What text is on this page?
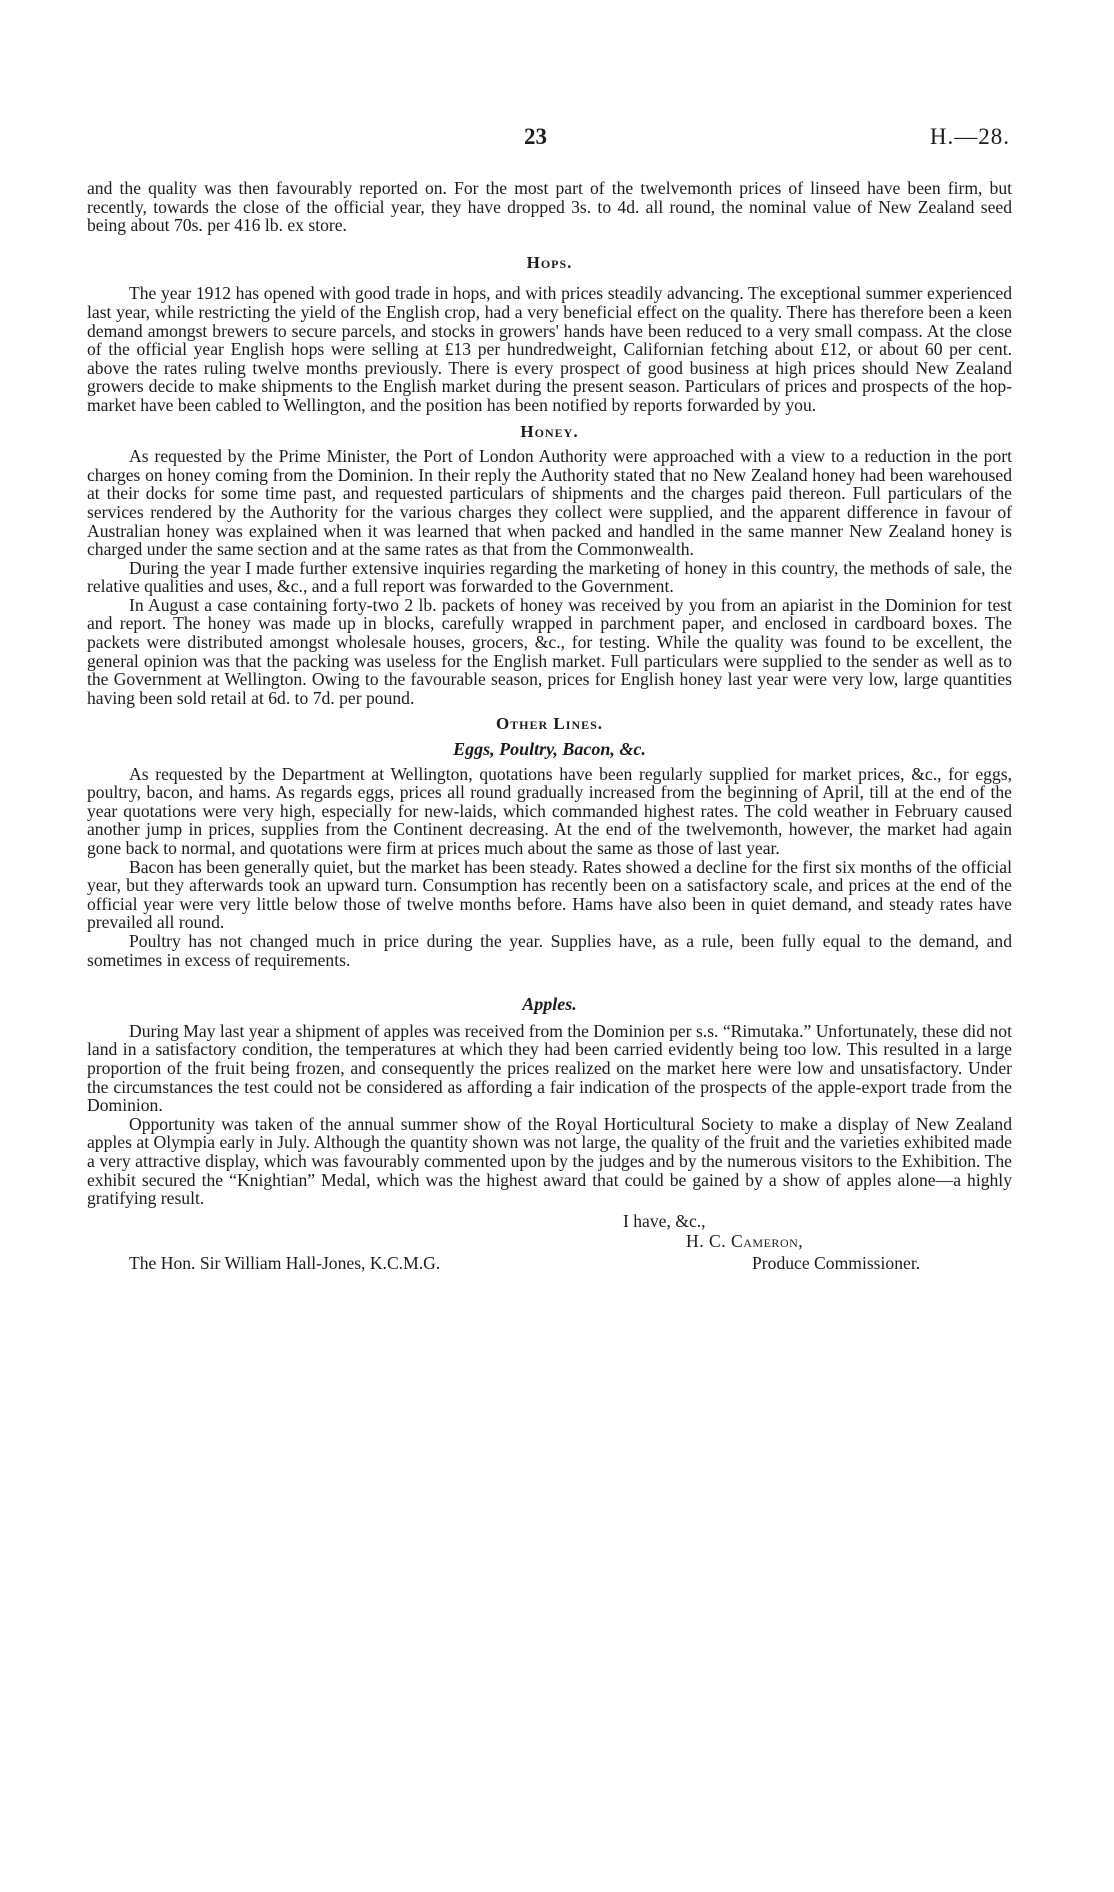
23	H.—28.

and the quality was then favourably reported on. For the most part of the twelvemonth prices of linseed have been firm, but recently, towards the close of the official year, they have dropped 3s. to 4d. all round, the nominal value of New Zealand seed being about 70s. per 416 lb. ex store.

Hops.

The year 1912 has opened with good trade in hops, and with prices steadily advancing. The exceptional summer experienced last year, while restricting the yield of the English crop, had a very beneficial effect on the quality. There has therefore been a keen demand amongst brewers to secure parcels, and stocks in growers' hands have been reduced to a very small compass. At the close of the official year English hops were selling at £13 per hundredweight, Californian fetching about £12, or about 60 per cent. above the rates ruling twelve months previously. There is every prospect of good business at high prices should New Zealand growers decide to make shipments to the English market during the present season. Particulars of prices and prospects of the hop-market have been cabled to Wellington, and the position has been notified by reports forwarded by you.

Honey.

As requested by the Prime Minister, the Port of London Authority were approached with a view to a reduction in the port charges on honey coming from the Dominion. In their reply the Authority stated that no New Zealand honey had been warehoused at their docks for some time past, and requested particulars of shipments and the charges paid thereon. Full particulars of the services rendered by the Authority for the various charges they collect were supplied, and the apparent difference in favour of Australian honey was explained when it was learned that when packed and handled in the same manner New Zealand honey is charged under the same section and at the same rates as that from the Commonwealth.

During the year I made further extensive inquiries regarding the marketing of honey in this country, the methods of sale, the relative qualities and uses, &c., and a full report was forwarded to the Government.

In August a case containing forty-two 2 lb. packets of honey was received by you from an apiarist in the Dominion for test and report. The honey was made up in blocks, carefully wrapped in parchment paper, and enclosed in cardboard boxes. The packets were distributed amongst wholesale houses, grocers, &c., for testing. While the quality was found to be excellent, the general opinion was that the packing was useless for the English market. Full particulars were supplied to the sender as well as to the Government at Wellington. Owing to the favourable season, prices for English honey last year were very low, large quantities having been sold retail at 6d. to 7d. per pound.

Other Lines.
Eggs, Poultry, Bacon, &c.

As requested by the Department at Wellington, quotations have been regularly supplied for market prices, &c., for eggs, poultry, bacon, and hams. As regards eggs, prices all round gradually increased from the beginning of April, till at the end of the year quotations were very high, especially for new-laids, which commanded highest rates. The cold weather in February caused another jump in prices, supplies from the Continent decreasing. At the end of the twelvemonth, however, the market had again gone back to normal, and quotations were firm at prices much about the same as those of last year.

Bacon has been generally quiet, but the market has been steady. Rates showed a decline for the first six months of the official year, but they afterwards took an upward turn. Consumption has recently been on a satisfactory scale, and prices at the end of the official year were very little below those of twelve months before. Hams have also been in quiet demand, and steady rates have prevailed all round.

Poultry has not changed much in price during the year. Supplies have, as a rule, been fully equal to the demand, and sometimes in excess of requirements.

Apples.

During May last year a shipment of apples was received from the Dominion per s.s. “Rimutaka.” Unfortunately, these did not land in a satisfactory condition, the temperatures at which they had been carried evidently being too low. This resulted in a large proportion of the fruit being frozen, and consequently the prices realized on the market here were low and unsatisfactory. Under the circumstances the test could not be considered as affording a fair indication of the prospects of the apple-export trade from the Dominion.

Opportunity was taken of the annual summer show of the Royal Horticultural Society to make a display of New Zealand apples at Olympia early in July. Although the quantity shown was not large, the quality of the fruit and the varieties exhibited made a very attractive display, which was favourably commented upon by the judges and by the numerous visitors to the Exhibition. The exhibit secured the “Knightian” Medal, which was the highest award that could be gained by a show of apples alone—a highly gratifying result.

I have, &c.,
H. C. Cameron,
The Hon. Sir William Hall-Jones, K.C.M.G.	Produce Commissioner.
